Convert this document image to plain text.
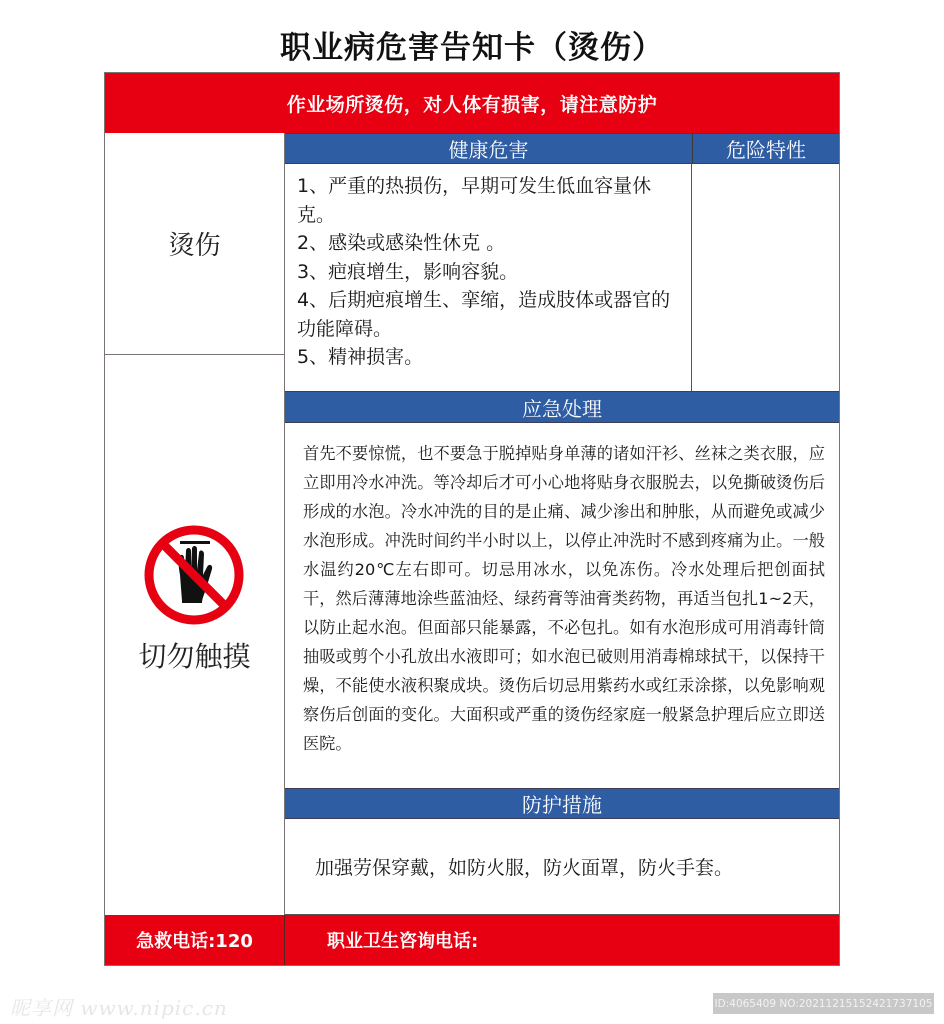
职业病危害告知卡（烫伤）
作业场所烫伤，对人体有损害，请注意防护
烫伤
切勿触摸
健康危害	危险特性
1、严重的热损伤，早期可发生低血容量休克。
2、感染或感染性休克 。
3、疤痕增生，影响容貌。
4、后期疤痕增生、挛缩，造成肢体或器官的功能障碍。
5、精神损害。
应急处理
首先不要惊慌，也不要急于脱掉贴身单薄的诸如汗衫、丝袜之类衣服，应立即用冷水冲洗。等冷却后才可小心地将贴身衣服脱去，以免撕破烫伤后形成的水泡。冷水冲洗的目的是止痛、减少渗出和肿胀，从而避免或减少水泡形成。冲洗时间约半小时以上，以停止冲洗时不感到疼痛为止。一般水温约20℃左右即可。切忌用冰水，以免冻伤。冷水处理后把创面拭干，然后薄薄地涂些蓝油烃、绿药膏等油膏类药物，再适当包扎1~2天，以防止起水泡。但面部只能暴露，不必包扎。如有水泡形成可用消毒针筒抽吸或剪个小孔放出水液即可；如水泡已破则用消毒棉球拭干，以保持干燥，不能使水液积聚成块。烫伤后切忌用紫药水或红汞涂搽，以免影响观察伤后创面的变化。大面积或严重的烫伤经家庭一般紧急护理后应立即送医院。
防护措施
加强劳保穿戴，如防火服，防火面罩，防火手套。
急救电话:120	职业卫生咨询电话:
昵享网 www.nipic.cn	ID:4065409 NO:20211215152421737105
